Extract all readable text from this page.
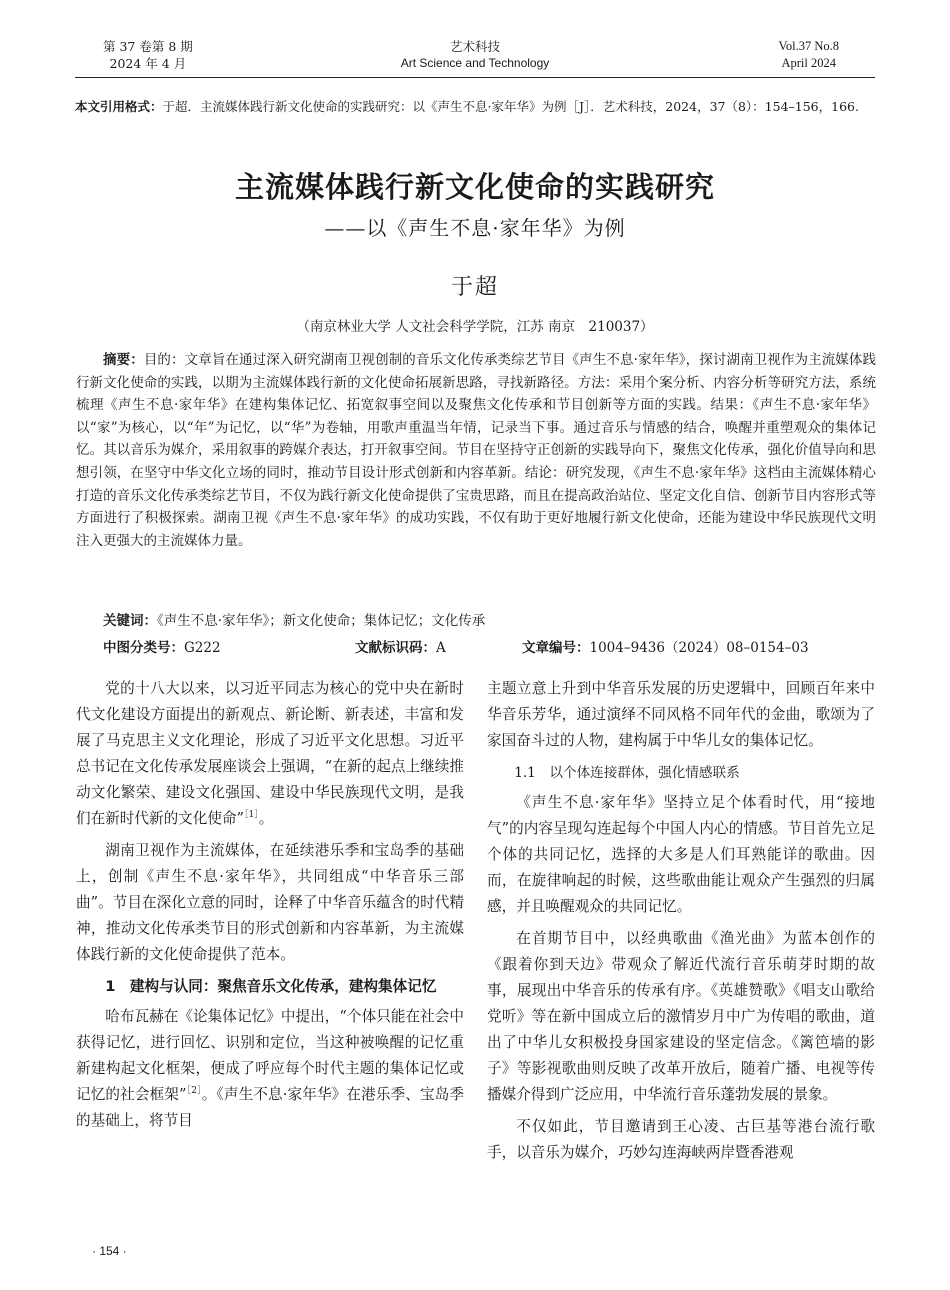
第 37 卷第 8 期
2024 年 4 月
艺术科技
Art Science and Technology
Vol.37 No.8
April 2024
本文引用格式：于超．主流媒体践行新文化使命的实践研究：以《声生不息·家年华》为例［J］．艺术科技，2024，37（8）：154–156，166.
主流媒体践行新文化使命的实践研究
——以《声生不息·家年华》为例
于超
（南京林业大学 人文社会科学学院，江苏 南京　210037）

摘要：目的：文章旨在通过深入研究湖南卫视创制的音乐文化传承类综艺节目《声生不息·家年华》，探讨湖南卫视作为主流媒体践行新文化使命的实践，以期为主流媒体践行新的文化使命拓展新思路，寻找新路径。方法：采用个案分析、内容分析等研究方法，系统梳理《声生不息·家年华》在建构集体记忆、拓宽叙事空间以及聚焦文化传承和节目创新等方面的实践。结果：《声生不息·家年华》以“家”为核心，以“年”为记忆，以“华”为卷轴，用歌声重温当年情，记录当下事。通过音乐与情感的结合，唤醒并重塑观众的集体记忆。其以音乐为媒介，采用叙事的跨媒介表达，打开叙事空间。节目在坚持守正创新的实践导向下，聚焦文化传承，强化价值导向和思想引领，在坚守中华文化立场的同时，推动节目设计形式创新和内容革新。结论：研究发现，《声生不息·家年华》这档由主流媒体精心打造的音乐文化传承类综艺节目，不仅为践行新文化使命提供了宝贵思路，而且在提高政治站位、坚定文化自信、创新节目内容形式等方面进行了积极探索。湖南卫视《声生不息·家年华》的成功实践，不仅有助于更好地履行新文化使命，还能为建设中华民族现代文明注入更强大的主流媒体力量。

关键词：《声生不息·家年华》；新文化使命；集体记忆；文化传承
中图分类号：G222	文献标识码：A	文章编号：1004–9436（2024）08–0154–03

党的十八大以来，以习近平同志为核心的党中央在新时代文化建设方面提出的新观点、新论断、新表述，丰富和发展了马克思主义文化理论，形成了习近平文化思想。习近平总书记在文化传承发展座谈会上强调，“在新的起点上继续推动文化繁荣、建设文化强国、建设中华民族现代文明，是我们在新时代新的文化使命”$^{[1]}$。

湖南卫视作为主流媒体，在延续港乐季和宝岛季的基础上，创制《声生不息·家年华》，共同组成“中华音乐三部曲”。节目在深化立意的同时，诠释了中华音乐蕴含的时代精神，推动文化传承类节目的形式创新和内容革新，为主流媒体践行新的文化使命提供了范本。

1　建构与认同：聚焦音乐文化传承，建构集体记忆

哈布瓦赫在《论集体记忆》中提出，“个体只能在社会中获得记忆，进行回忆、识别和定位，当这种被唤醒的记忆重新建构起文化框架，便成了呼应每个时代主题的集体记忆或记忆的社会框架”$^{[2]}$。《声生不息·家年华》在港乐季、宝岛季的基础上，将节目

主题立意上升到中华音乐发展的历史逻辑中，回顾百年来中华音乐芳华，通过演绎不同风格不同年代的金曲，歌颂为了家国奋斗过的人物，建构属于中华儿女的集体记忆。

1.1　以个体连接群体，强化情感联系

《声生不息·家年华》坚持立足个体看时代，用“接地气”的内容呈现勾连起每个中国人内心的情感。节目首先立足个体的共同记忆，选择的大多是人们耳熟能详的歌曲。因而，在旋律响起的时候，这些歌曲能让观众产生强烈的归属感，并且唤醒观众的共同记忆。

在首期节目中，以经典歌曲《渔光曲》为蓝本创作的《跟着你到天边》带观众了解近代流行音乐萌芽时期的故事，展现出中华音乐的传承有序。《英雄赞歌》《唱支山歌给党听》等在新中国成立后的激情岁月中广为传唱的歌曲，道出了中华儿女积极投身国家建设的坚定信念。《篱笆墙的影子》等影视歌曲则反映了改革开放后，随着广播、电视等传播媒介得到广泛应用，中华流行音乐蓬勃发展的景象。

不仅如此，节目邀请到王心凌、古巨基等港台流行歌手，以音乐为媒介，巧妙勾连海峡两岸暨香港观

· 154 ·
